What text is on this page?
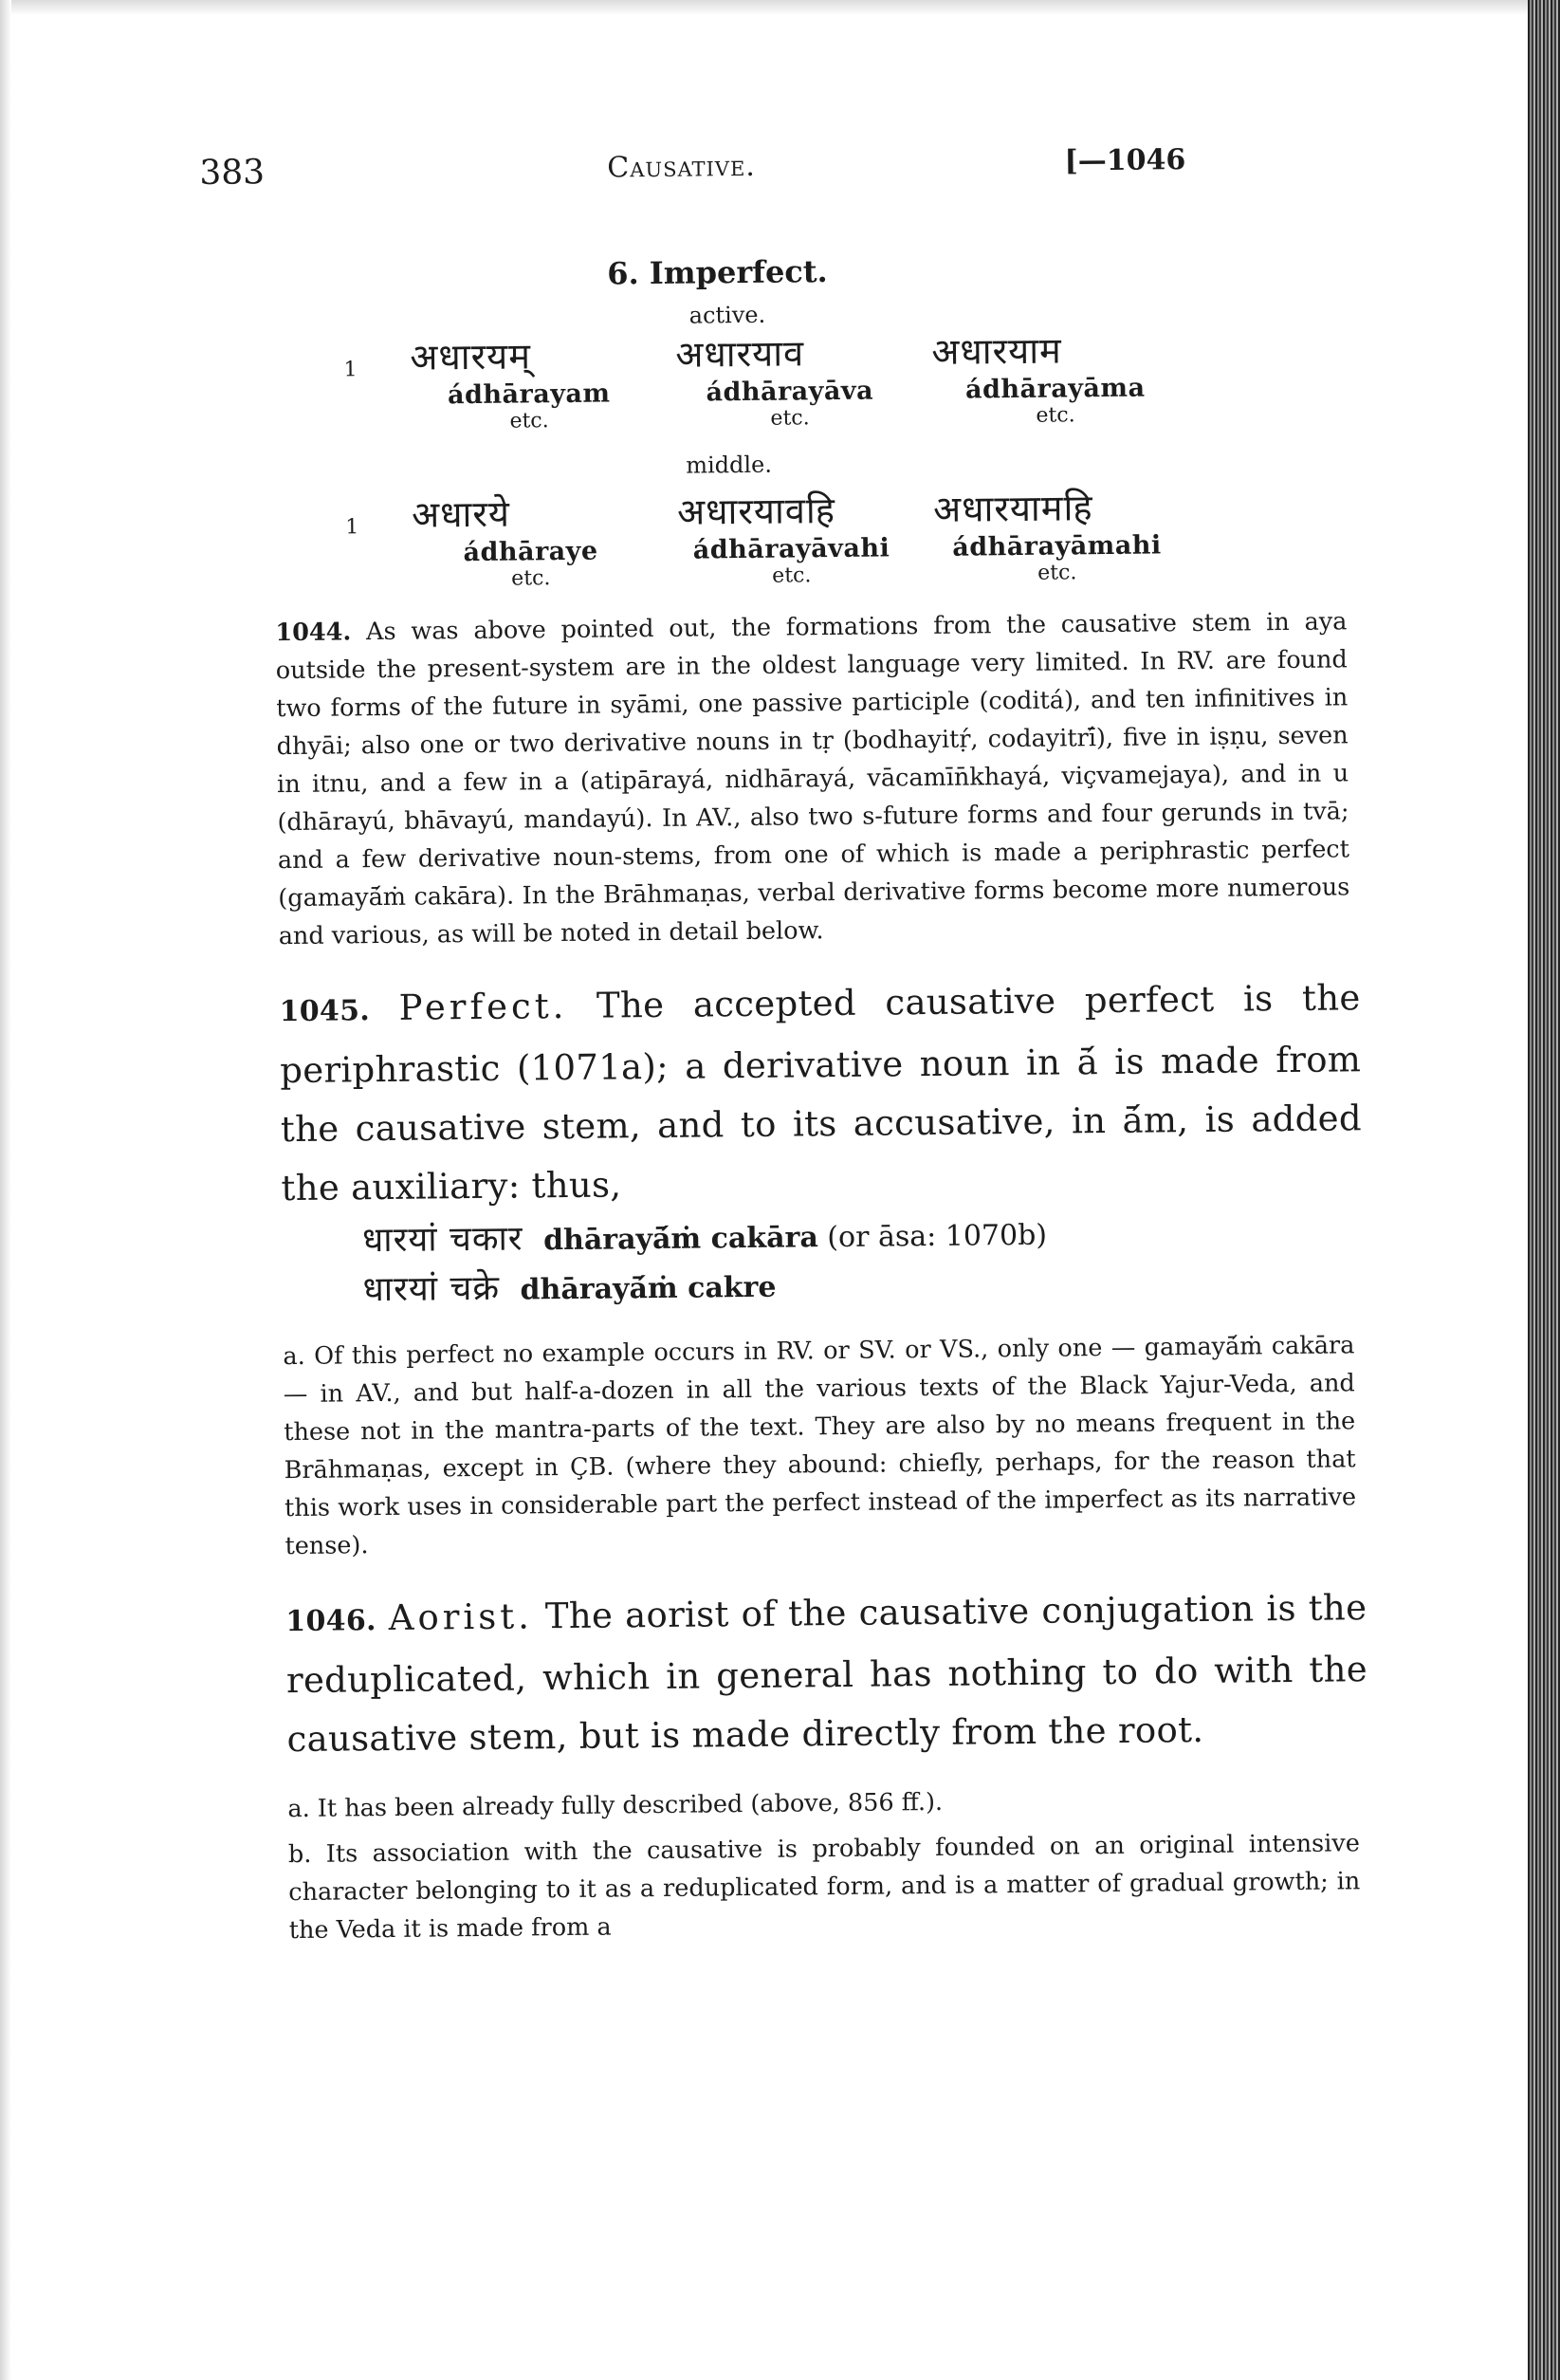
383	Causative.	[—1046
6. Imperfect.
active.
1	अधारयम्	अधारयाव	अधारयाम
ádhārayam	ádhārayāva	ádhārayāma
etc.	etc.	etc.
middle.
1	अधारये	अधारयावहि	अधारयामहि
ádhāraye	ádhārayāvahi	ádhārayāmahi
etc.	etc.	etc.

1044. As was above pointed out, the formations from the causative stem in aya outside the present-system are in the oldest language very limited. In RV. are found two forms of the future in syāmi, one passive participle (coditá), and ten infinitives in dhyāi; also one or two derivative nouns in tṛ (bodhayitṛ́, codayitrī́), five in iṣṇu, seven in itnu, and a few in a (atipārayá, nidhārayá, vācamīn̄khayá, viçvamejaya), and in u (dhārayú, bhāvayú, mandayú). In AV., also two s-future forms and four gerunds in tvā; and a few derivative noun-stems, from one of which is made a periphrastic perfect (gamayā́ṁ cakāra). In the Brāhmaṇas, verbal derivative forms become more numerous and various, as will be noted in detail below.

1045. Perfect. The accepted causative perfect is the periphrastic (1071a); a derivative noun in ā́ is made from the causative stem, and to its accusative, in ā́m, is added the auxiliary: thus,

धारयां चकार dhārayā́ṁ cakāra (or āsa: 1070b)
धारयां चक्रे dhārayā́ṁ cakre

a. Of this perfect no example occurs in RV. or SV. or VS., only one — gamayā́ṁ cakāra — in AV., and but half-a-dozen in all the various texts of the Black Yajur-Veda, and these not in the mantra-parts of the text. They are also by no means frequent in the Brāhmaṇas, except in ÇB. (where they abound: chiefly, perhaps, for the reason that this work uses in considerable part the perfect instead of the imperfect as its narrative tense).

1046. Aorist. The aorist of the causative conjugation is the reduplicated, which in general has nothing to do with the causative stem, but is made directly from the root.

a. It has been already fully described (above, 856 ff.).

b. Its association with the causative is probably founded on an original intensive character belonging to it as a reduplicated form, and is a matter of gradual growth; in the Veda it is made from a
